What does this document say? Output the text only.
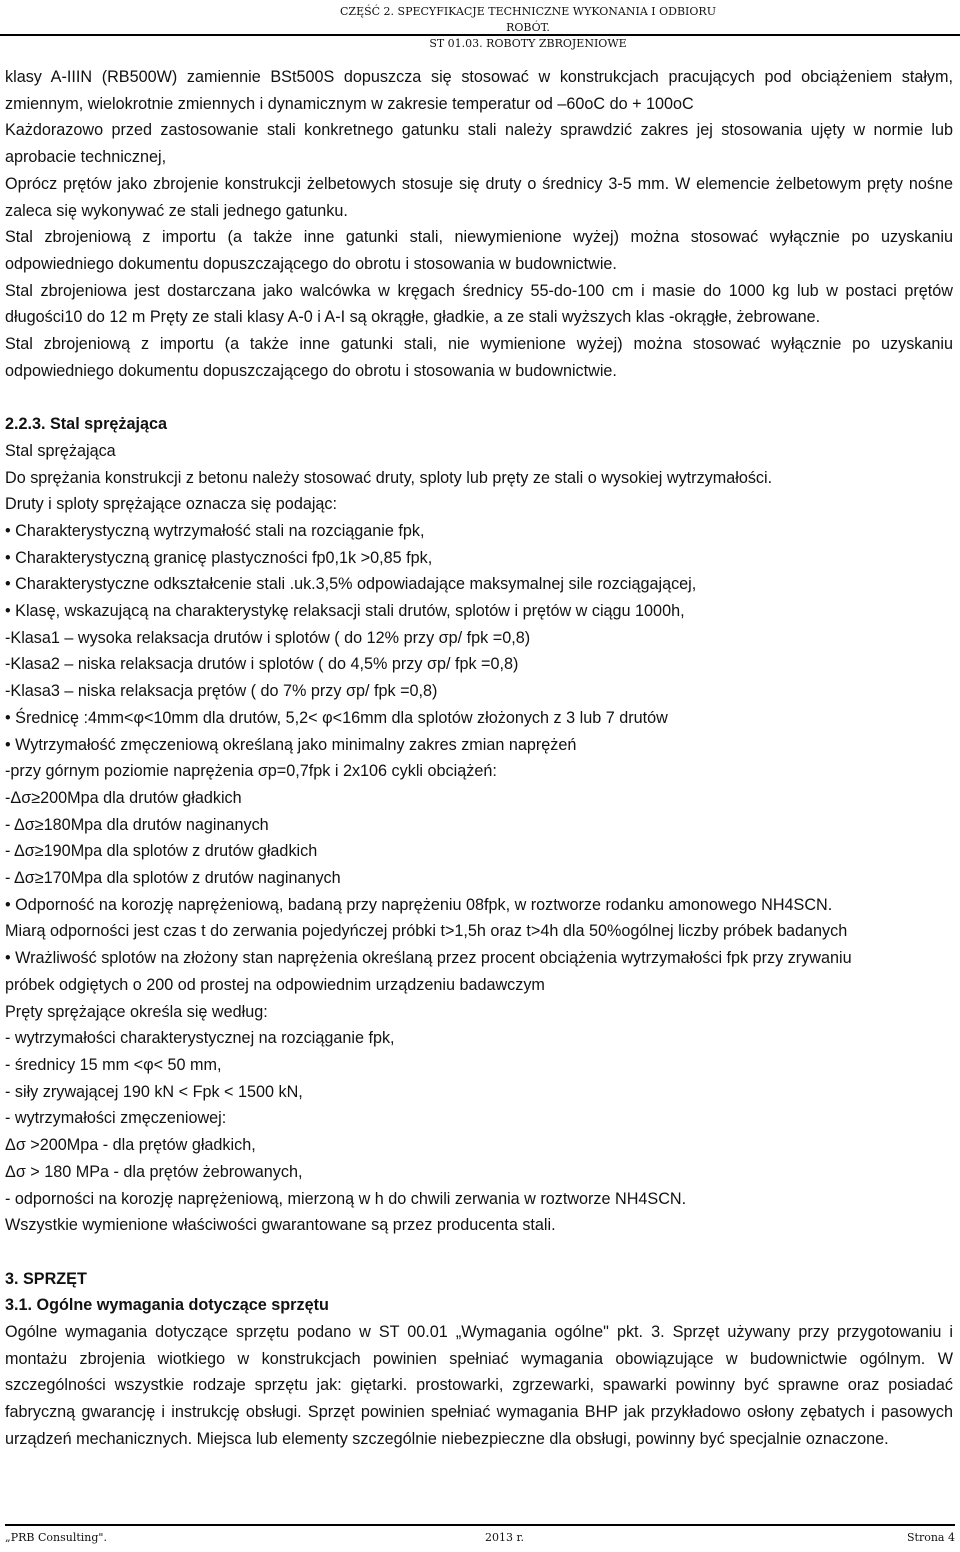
CZĘŚĆ 2. SPECYFIKACJE TECHNICZNE WYKONANIA I ODBIORU ROBÓT.
ST 01.03. ROBOTY ZBROJENIOWE

klasy A-IIIN (RB500W) zamiennie BSt500S dopuszcza się stosować w konstrukcjach pracujących pod obciążeniem stałym, zmiennym, wielokrotnie zmiennych i dynamicznym w zakresie temperatur od –60oC do + 100oC

Każdorazowo przed zastosowanie stali konkretnego gatunku stali należy sprawdzić zakres jej stosowania ujęty w normie lub aprobacie technicznej,

Oprócz prętów jako zbrojenie konstrukcji żelbetowych stosuje się druty o średnicy 3-5 mm. W elemencie żelbetowym pręty nośne zaleca się wykonywać ze stali jednego gatunku.

Stal zbrojeniową z importu (a także inne gatunki stali, niewymienione wyżej) można stosować wyłącznie po uzyskaniu odpowiedniego dokumentu dopuszczającego do obrotu i stosowania w budownictwie.

Stal zbrojeniowa jest dostarczana jako walcówka w kręgach średnicy 55-do-100 cm i masie do 1000 kg lub w postaci prętów długości10 do 12 m Pręty ze stali klasy A-0 i A-I są okrągłe, gładkie, a ze stali wyższych klas -okrągłe, żebrowane.

Stal zbrojeniową z importu (a także inne gatunki stali, nie wymienione wyżej) można stosować wyłącznie po uzyskaniu odpowiedniego dokumentu dopuszczającego do obrotu i stosowania w budownictwie.

2.2.3. Stal sprężająca

Stal sprężająca

Do sprężania konstrukcji z betonu należy stosować druty, sploty lub pręty ze stali o wysokiej wytrzymałości.

Druty i sploty sprężające oznacza się podając:

• Charakterystyczną wytrzymałość stali na rozciąganie fpk,

• Charakterystyczną granicę plastyczności fp0,1k >0,85 fpk,

• Charakterystyczne odkształcenie stali .uk.3,5% odpowiadające maksymalnej sile rozciągającej,

• Klasę, wskazującą na charakterystykę relaksacji stali drutów, splotów i prętów w ciągu 1000h,

-Klasa1 – wysoka relaksacja drutów i splotów ( do 12% przy σp/ fpk =0,8)

-Klasa2 – niska relaksacja drutów i splotów ( do 4,5% przy σp/ fpk =0,8)

-Klasa3 – niska relaksacja prętów ( do 7% przy σp/ fpk =0,8)

• Średnicę :4mm<φ<10mm dla drutów, 5,2< φ<16mm dla splotów złożonych z 3 lub 7 drutów

• Wytrzymałość zmęczeniową określaną jako minimalny zakres zmian naprężeń

-przy górnym poziomie naprężenia σp=0,7fpk i 2x106 cykli obciążeń:

-Δσ≥200Mpa dla drutów gładkich

- Δσ≥180Mpa dla drutów naginanych

- Δσ≥190Mpa dla splotów z drutów gładkich

- Δσ≥170Mpa dla splotów z drutów naginanych

• Odporność na korozję naprężeniową, badaną przy naprężeniu 08fpk, w roztworze rodanku amonowego NH4SCN.

Miarą odporności jest czas t do zerwania pojedyńczej próbki t>1,5h oraz t>4h dla 50%ogólnej liczby próbek badanych

• Wrażliwość splotów na złożony stan naprężenia określaną przez procent obciążenia wytrzymałości fpk przy zrywaniu

próbek odgiętych o 200 od prostej na odpowiednim urządzeniu badawczym

Pręty sprężające określa się według:

- wytrzymałości charakterystycznej na rozciąganie fpk,

- średnicy 15 mm <φ< 50 mm,

- siły zrywającej 190 kN < Fpk < 1500 kN,

- wytrzymałości zmęczeniowej:

Δσ >200Mpa - dla prętów gładkich,

Δσ > 180 MPa - dla prętów żebrowanych,

- odporności na korozję naprężeniową, mierzoną w h do chwili zerwania w roztworze NH4SCN.

Wszystkie wymienione właściwości gwarantowane są przez producenta stali.

3. SPRZĘT

3.1. Ogólne wymagania dotyczące sprzętu

Ogólne wymagania dotyczące sprzętu podano w ST 00.01 „Wymagania ogólne" pkt. 3. Sprzęt używany przy przygotowaniu i montażu zbrojenia wiotkiego w konstrukcjach powinien spełniać wymagania obowiązujące w budownictwie ogólnym. W szczególności wszystkie rodzaje sprzętu jak: giętarki. prostowarki, zgrzewarki, spawarki powinny być sprawne oraz posiadać fabryczną gwarancję i instrukcję obsługi. Sprzęt powinien spełniać wymagania BHP jak przykładowo osłony zębatych i pasowych urządzeń mechanicznych. Miejsca lub elementy szczególnie niebezpieczne dla obsługi, powinny być specjalnie oznaczone.

„PRB Consulting".	2013 r.	Strona 4
